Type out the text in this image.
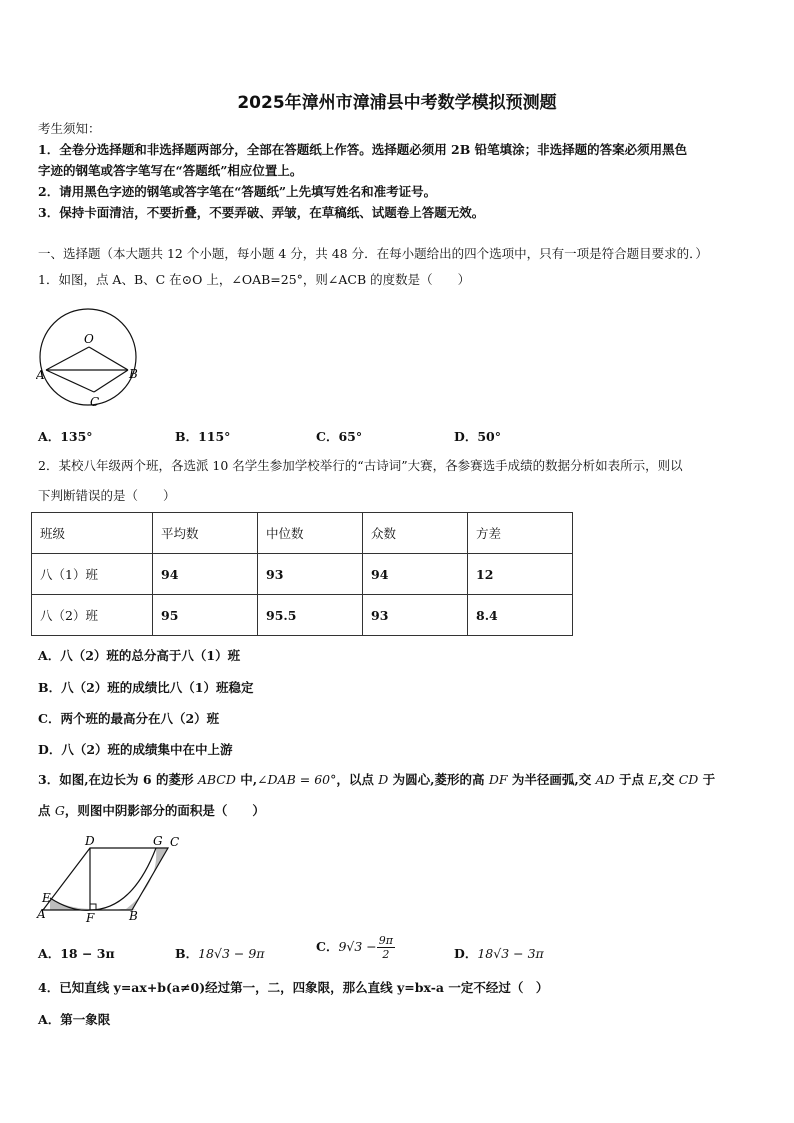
2025年漳州市漳浦县中考数学模拟预测题
考生须知：
1．全卷分选择题和非选择题两部分，全部在答题纸上作答。选择题必须用 2B 铅笔填涂；非选择题的答案必须用黑色
字迹的钢笔或答字笔写在“答题纸”相应位置上。
2．请用黑色字迹的钢笔或答字笔在“答题纸”上先填写姓名和准考证号。
3．保持卡面清洁，不要折叠，不要弄破、弄皱，在草稿纸、试题卷上答题无效。
一、选择题（本大题共 12 个小题，每小题 4 分，共 48 分．在每小题给出的四个选项中，只有一项是符合题目要求的．）
1．如图，点 A、B、C 在⊙O 上，∠OAB=25°，则∠ACB 的度数是（　　）
O
A	B
C
A．135°	B．115°	C．65°	D．50°
2．某校八年级两个班，各选派 10 名学生参加学校举行的“古诗词”大赛，各参赛选手成绩的数据分析如表所示，则以
下判断错误的是（　　）
班级	平均数	中位数	众数	方差
八（1）班	94	93	94	12
八（2）班	95	95.5	93	8.4
A．八（2）班的总分高于八（1）班
B．八（2）班的成绩比八（1）班稳定
C．两个班的最高分在八（2）班
D．八（2）班的成绩集中在中上游
3．如图,在边长为 6 的菱形 ABCD 中,∠DAB = 60°，以点 D 为圆心,菱形的高 DF 为半径画弧,交 AD 于点 E,交 CD 于
点 G，则图中阴影部分的面积是（　　）
D	G C
E
A	F	B
A．18 − 3π	B．18√3 − 9π	C．$9√3 - \frac{9\pi}{2}$	D．18√3 − 3π
4．已知直线 y=ax+b(a≠0)经过第一，二，四象限，那么直线 y=bx-a 一定不经过（　）
A．第一象限
